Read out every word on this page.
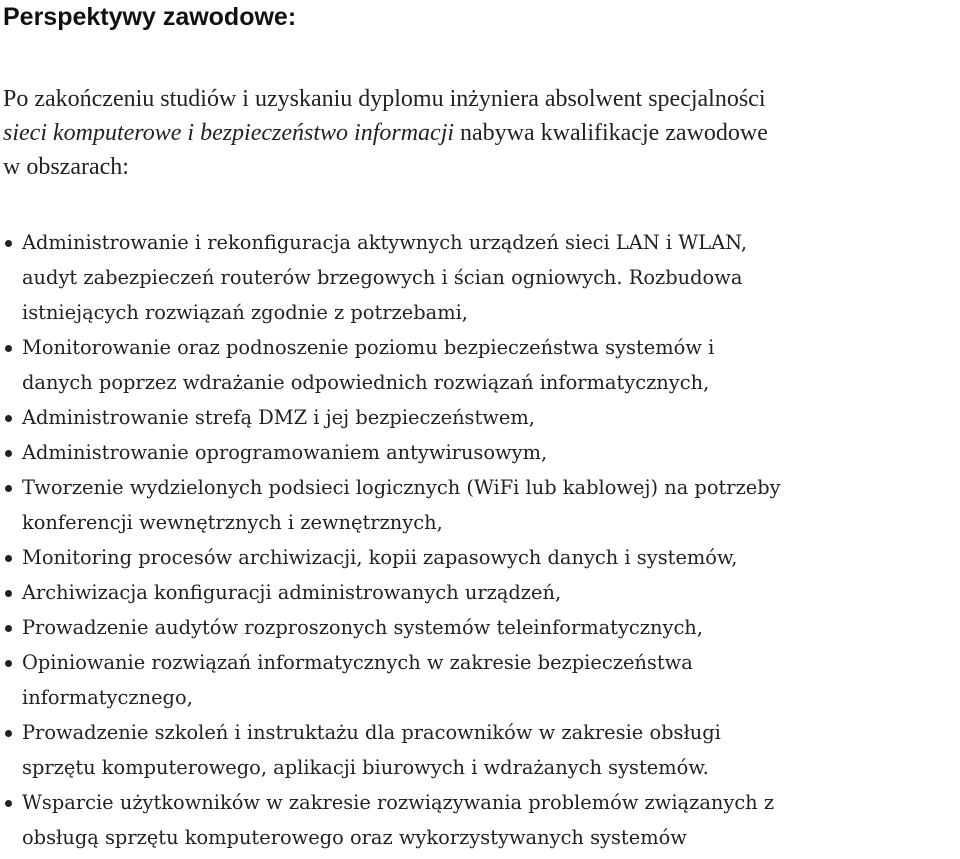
Perspektywy zawodowe:

Po zakończeniu studiów i uzyskaniu dyplomu inżyniera absolwent specjalności
sieci komputerowe i bezpieczeństwo informacji nabywa kwalifikacje zawodowe
w obszarach:

Administrowanie i rekonfiguracja aktywnych urządzeń sieci LAN i WLAN,
audyt zabezpieczeń routerów brzegowych i ścian ogniowych. Rozbudowa
istniejących rozwiązań zgodnie z potrzebami,
Monitorowanie oraz podnoszenie poziomu bezpieczeństwa systemów i
danych poprzez wdrażanie odpowiednich rozwiązań informatycznych,
Administrowanie strefą DMZ i jej bezpieczeństwem,
Administrowanie oprogramowaniem antywirusowym,
Tworzenie wydzielonych podsieci logicznych (WiFi lub kablowej) na potrzeby
konferencji wewnętrznych i zewnętrznych,
Monitoring procesów archiwizacji, kopii zapasowych danych i systemów,
Archiwizacja konfiguracji administrowanych urządzeń,
Prowadzenie audytów rozproszonych systemów teleinformatycznych,
Opiniowanie rozwiązań informatycznych w zakresie bezpieczeństwa
informatycznego,
Prowadzenie szkoleń i instruktażu dla pracowników w zakresie obsługi
sprzętu komputerowego, aplikacji biurowych i wdrażanych systemów.
Wsparcie użytkowników w zakresie rozwiązywania problemów związanych z
obsługą sprzętu komputerowego oraz wykorzystywanych systemów
